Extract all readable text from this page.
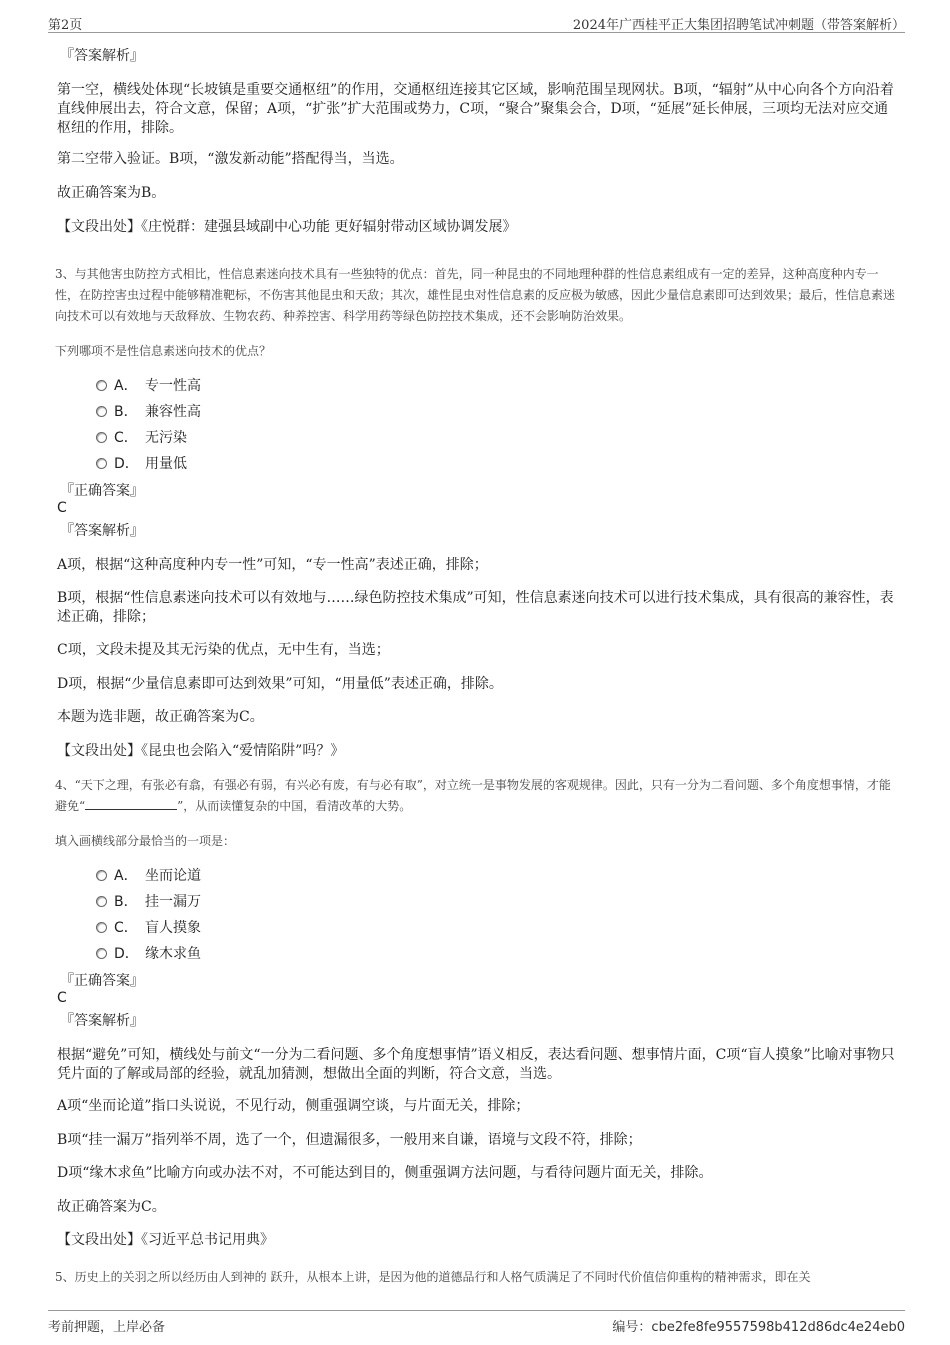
第2页	2024年广西桂平正大集团招聘笔试冲刺题（带答案解析）
『答案解析』
第一空，横线处体现“长坡镇是重要交通枢纽”的作用，交通枢纽连接其它区域，影响范围呈现网状。B项，“辐射”从中心向各个方向沿着直线伸展出去，符合文意，保留；A项，“扩张”扩大范围或势力，C项，“聚合”聚集会合，D项，“延展”延长伸展，三项均无法对应交通枢纽的作用，排除。
第二空带入验证。B项，“激发新动能”搭配得当，当选。
故正确答案为B。
【文段出处】《庄悦群：建强县域副中心功能 更好辐射带动区域协调发展》
3、与其他害虫防控方式相比，性信息素迷向技术具有一些独特的优点：首先，同一种昆虫的不同地理种群的性信息素组成有一定的差异，这种高度种内专一性，在防控害虫过程中能够精准靶标，不伤害其他昆虫和天敌；其次，雄性昆虫对性信息素的反应极为敏感，因此少量信息素即可达到效果；最后，性信息素迷向技术可以有效地与天敌释放、生物农药、种养控害、科学用药等绿色防控技术集成，还不会影响防治效果。
下列哪项不是性信息素迷向技术的优点？
A． 专一性高
B． 兼容性高
C． 无污染
D． 用量低
『正确答案』
C
『答案解析』
A项，根据“这种高度种内专一性”可知，“专一性高”表述正确，排除；
B项，根据“性信息素迷向技术可以有效地与……绿色防控技术集成”可知，性信息素迷向技术可以进行技术集成，具有很高的兼容性，表述正确，排除；
C项，文段未提及其无污染的优点，无中生有，当选；
D项，根据“少量信息素即可达到效果”可知，“用量低”表述正确，排除。
本题为选非题，故正确答案为C。
【文段出处】《昆虫也会陷入“爱情陷阱”吗？》
4、“天下之理，有张必有翕，有强必有弱，有兴必有废，有与必有取”，对立统一是事物发展的客观规律。因此，只有一分为二看问题、多个角度想事情，才能避免“	”，从而读懂复杂的中国，看清改革的大势。
填入画横线部分最恰当的一项是：
A． 坐而论道
B． 挂一漏万
C． 盲人摸象
D． 缘木求鱼
『正确答案』
C
『答案解析』
根据“避免”可知，横线处与前文“一分为二看问题、多个角度想事情”语义相反，表达看问题、想事情片面，C项“盲人摸象”比喻对事物只凭片面的了解或局部的经验，就乱加猜测，想做出全面的判断，符合文意，当选。
A项“坐而论道”指口头说说，不见行动，侧重强调空谈，与片面无关，排除；
B项“挂一漏万”指列举不周，选了一个，但遗漏很多，一般用来自谦，语境与文段不符，排除；
D项“缘木求鱼”比喻方向或办法不对，不可能达到目的，侧重强调方法问题，与看待问题片面无关，排除。
故正确答案为C。
【文段出处】《习近平总书记用典》
5、历史上的关羽之所以经历由人到神的 跃升，从根本上讲，是因为他的道德品行和人格气质满足了不同时代价值信仰重构的精神需求，即在关
考前押题，上岸必备	编号：cbe2fe8fe9557598b412d86dc4e24eb0
